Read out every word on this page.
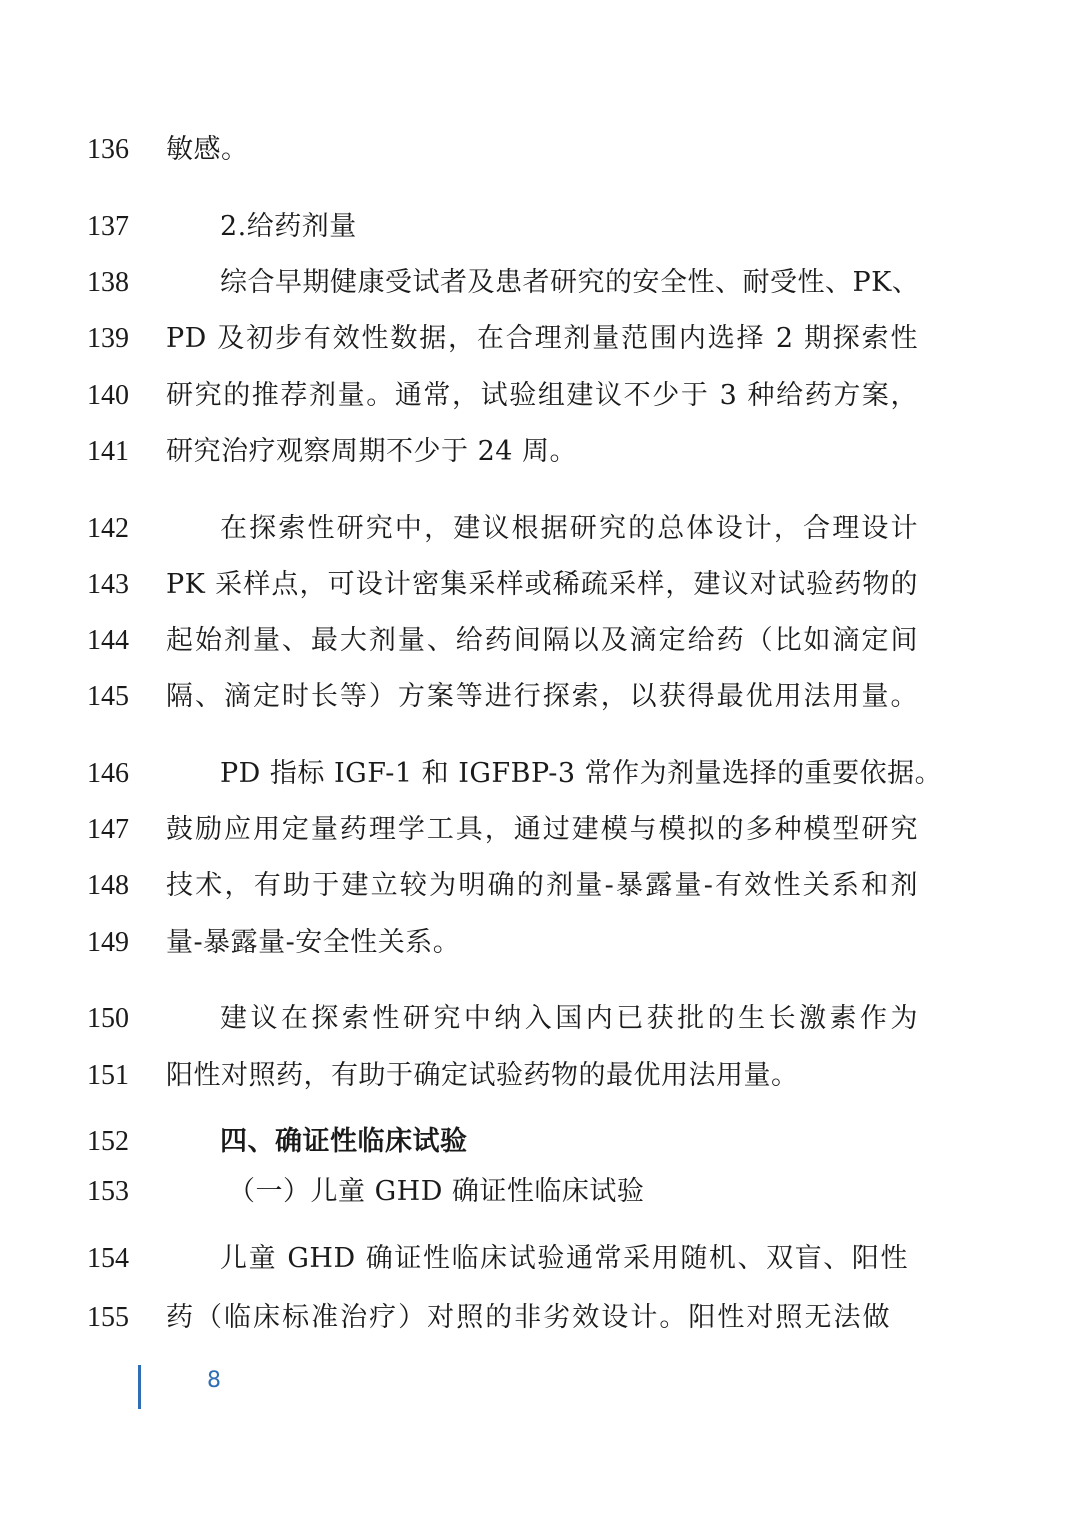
136 敏感。
137	2.给药剂量
138	综合早期健康受试者及患者研究的安全性、耐受性、PK、
139 PD 及初步有效性数据，在合理剂量范围内选择 2 期探索性
140 研究的推荐剂量。通常，试验组建议不少于 3 种给药方案，
141 研究治疗观察周期不少于 24 周。
142	在探索性研究中，建议根据研究的总体设计，合理设计
143 PK 采样点，可设计密集采样或稀疏采样，建议对试验药物的
144 起始剂量、最大剂量、给药间隔以及滴定给药（比如滴定间
145 隔、滴定时长等）方案等进行探索，以获得最优用法用量。
146	PD 指标 IGF-1 和 IGFBP-3 常作为剂量选择的重要依据。
147 鼓励应用定量药理学工具，通过建模与模拟的多种模型研究
148 技术，有助于建立较为明确的剂量-暴露量-有效性关系和剂
149 量-暴露量-安全性关系。
150	建议在探索性研究中纳入国内已获批的生长激素作为
151 阳性对照药，有助于确定试验药物的最优用法用量。
152	四、确证性临床试验
153	（一）儿童 GHD 确证性临床试验
154	儿童 GHD 确证性临床试验通常采用随机、双盲、阳性
155 药（临床标准治疗）对照的非劣效设计。阳性对照无法做
8
